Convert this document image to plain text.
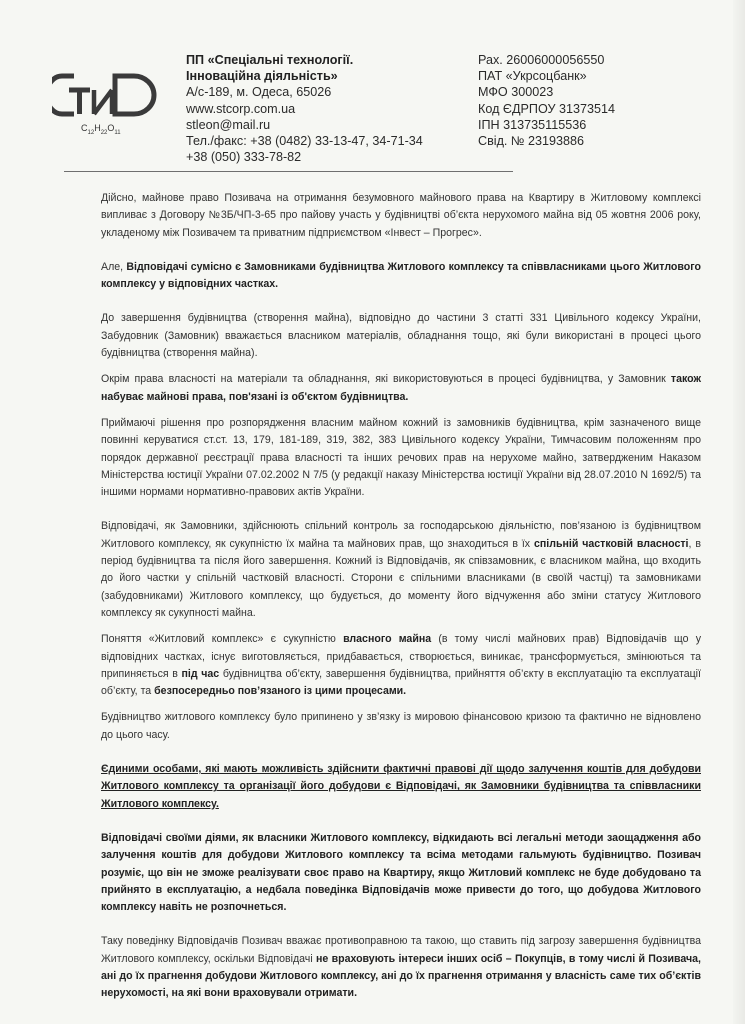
$C_{12}H_{22}O_{11}$
ПП «Спеціальні технології.
Інноваційна діяльність»
А/с-189, м. Одеса, 65026
www.stcorp.com.ua
stleon@mail.ru
Тел./факс: +38 (0482) 33-13-47, 34-71-34
+38 (050) 333-78-82
Рах. 26006000056550
ПАТ «Укрсоцбанк»
МФО 300023
Код ЄДРПОУ 31373514
ІПН 313735115536
Свід. № 23193886

Дійсно, майнове право Позивача на отримання безумовного майнового права на Квартиру в Житловому комплексі випливає з Договору №3Б/ЧП-3-65 про пайову участь у будівництві об’єкта нерухомого майна від 05 жовтня 2006 року, укладеному між Позивачем та приватним підприємством «Інвест – Прогрес».

Але, Відповідачі сумісно є Замовниками будівництва Житлового комплексу та співвласниками цього Житлового комплексу у відповідних частках.

До завершення будівництва (створення майна), відповідно до частини 3 статті 331 Цивільного кодексу України, Забудовник (Замовник) вважається власником матеріалів, обладнання тощо, які були використані в процесі цього будівництва (створення майна).

Окрім права власності на матеріали та обладнання, які використовуються в процесі будівництва, у Замовник також набуває майнові права, пов'язані із об'єктом будівництва.

Приймаючі рішення про розпорядження власним майном кожний із замовників будівництва, крім зазначеного вище повинні керуватися ст.ст. 13, 179, 181-189, 319, 382, 383 Цивільного кодексу України, Тимчасовим положенням про порядок державної реєстрації права власності та інших речових прав на нерухоме майно, затвердженим Наказом Міністерства юстиції України 07.02.2002 N 7/5 (у редакції наказу Міністерства юстиції України від 28.07.2010 N 1692/5) та іншими нормами нормативно-правових актів України.

Відповідачі, як Замовники, здійснюють спільний контроль за господарською діяльністю, пов’язаною із будівництвом Житлового комплексу, як сукупністю їх майна та майнових прав, що знаходиться в їх спільній частковій власності, в період будівництва та після його завершення. Кожний із Відповідачів, як співзамовник, є власником майна, що входить до його частки у спільній частковій власності. Сторони є спільними власниками (в своїй частці) та замовниками (забудовниками) Житлового комплексу, що будується, до моменту його відчуження або зміни статусу Житлового комплексу як сукупності майна.

Поняття «Житловий комплекс» є сукупністю власного майна (в тому числі майнових прав) Відповідачів що у відповідних частках, існує виготовляється, придбавається, створюється, виникає, трансформується, змінюються та припиняється в під час будівництва об’єкту, завершення будівництва, прийняття об’єкту в експлуатацію та експлуатації об’єкту, та безпосередньо пов’язаного із цими процесами.

Будівництво житлового комплексу було припинено у зв’язку із мировою фінансовою кризою та фактично не відновлено до цього часу.

Єдиними особами, які мають можливість здійснити фактичні правові дії щодо залучення коштів для добудови Житлового комплексу та організації його добудови є Відповідачі, як Замовники будівництва та співвласники Житлового комплексу.

Відповідачі своїми діями, як власники Житлового комплексу, відкидають всі легальні методи заощадження або залучення коштів для добудови Житлового комплексу та всіма методами гальмують будівництво. Позивач розуміє, що він не зможе реалізувати своє право на Квартиру, якщо Житловий комплекс не буде добудовано та прийнято в експлуатацію, а недбала поведінка Відповідачів може привести до того, що добудова Житлового комплексу навіть не розпочнеться.

Таку поведінку Відповідачів Позивач вважає противоправною та такою, що ставить під загрозу завершення будівництва Житлового комплексу, оскільки Відповідачі не враховують інтереси інших осіб – Покупців, в тому числі й Позивача, ані до їх прагнення добудови Житлового комплексу, ані до їх прагнення отримання у власність саме тих об’єктів нерухомості, на які вони враховували отримати.
